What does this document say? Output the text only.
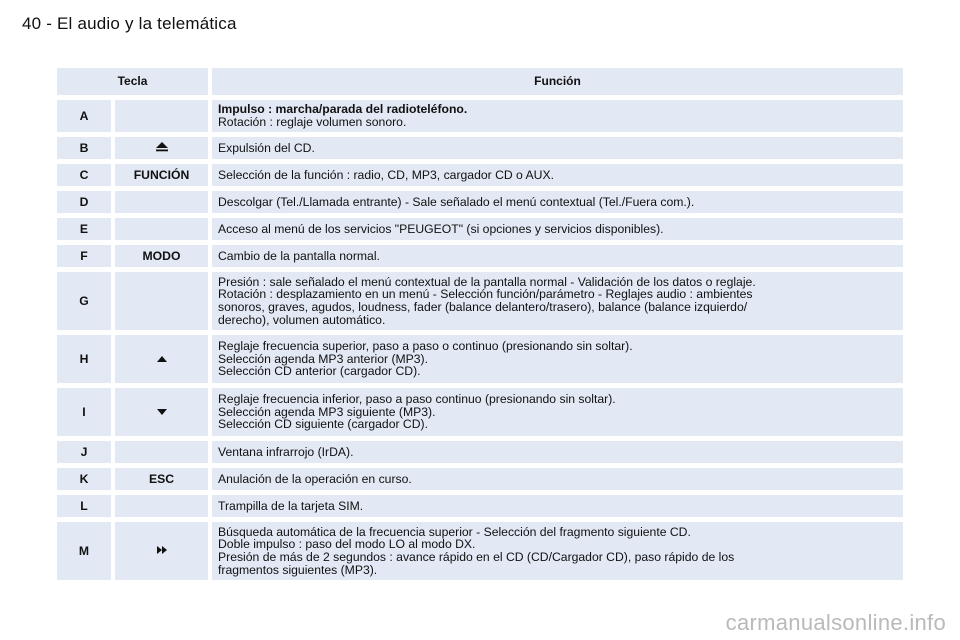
40 - El audio y la telemática
Tecla		Función
A		Impulso : marcha/parada del radioteléfono.
Rotación : reglaje volumen sonoro.

B		Expulsión del CD.

C	FUNCIÓN	Selección de la función : radio, CD, MP3, cargador CD o AUX.

D		Descolgar (Tel./Llamada entrante) - Sale señalado el menú contextual (Tel./Fuera com.).

E		Acceso al menú de los servicios "PEUGEOT" (si opciones y servicios disponibles).

F	MODO	Cambio de la pantalla normal.

G		Presión : sale señalado el menú contextual de la pantalla normal - Validación de los datos o reglaje.
Rotación : desplazamiento en un menú - Selección función/parámetro - Reglajes audio : ambientes
sonoros, graves, agudos, loudness, fader (balance delantero/trasero), balance (balance izquierdo/
derecho), volumen automático.

H		Reglaje frecuencia superior, paso a paso o continuo (presionando sin soltar).
Selección agenda MP3 anterior (MP3).
Selección CD anterior (cargador CD).

I		Reglaje frecuencia inferior, paso a paso continuo (presionando sin soltar).
Selección agenda MP3 siguiente (MP3).
Selección CD siguiente (cargador CD).

J		Ventana infrarrojo (IrDA).

K	ESC	Anulación de la operación en curso.

L		Trampilla de la tarjeta SIM.

M		Búsqueda automática de la frecuencia superior - Selección del fragmento siguiente CD.
Doble impulso : paso del modo LO al modo DX.
Presión de más de 2 segundos : avance rápido en el CD (CD/Cargador CD), paso rápido de los
fragmentos siguientes (MP3).
carmanualsonline.info
